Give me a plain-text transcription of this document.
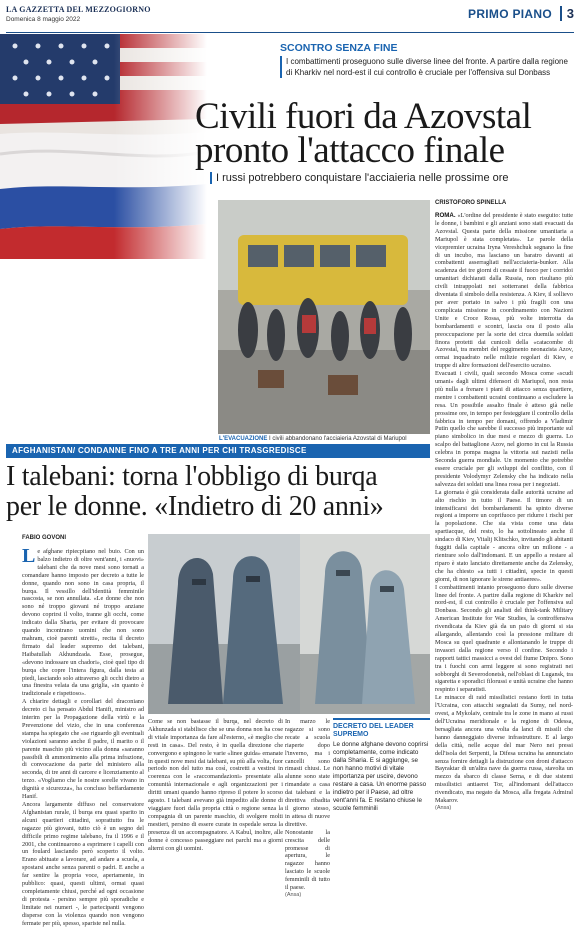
LA GAZZETTA DEL MEZZOGIORNO
Domenica 8 maggio 2022	PRIMO PIANO	3
SCONTRO SENZA FINE
I combattimenti proseguono sulle diverse linee del fronte. A partire dalla regione di Kharkiv nel nord-est il cui controllo è cruciale per l'offensiva sul Donbass
Civili fuori da Azovstal
pronto l'attacco finale
I russi potrebbero conquistare l'acciaieria nelle prossime ore
L'EVACUAZIONE I civili abbandonano l'acciaieria Azovstal di Mariupol
CRISTOFORO SPINELLA

ROMA. «L'ordine del presidente è stato eseguito: tutte le donne, i bambini e gli anziani sono stati evacuati da Azovstal. Questa parte della missione umanitaria a Mariupol è stata completata». Le parole della vicepremier ucraina Iryna Vereshchuk segnano la fine di un incubo, ma lasciano un baratro davanti ai combattenti asserragliati nell'acciaieria-bunker. Alla scadenza dei tre giorni di cessate il fuoco per i corridoi umanitari dichiarati dalla Russia, non risultano più civili intrappolati nei sotterranei della fabbrica diventata il simbolo della resistenza. A Kiev, il sollievo per aver portato in salvo i più fragili con una complicata missione in coordinamento con Nazioni Unite e Croce Rossa, più volte interrotta da bombardamenti e scontri, lascia ora il posto alla preoccupazione per la sorte dei circa duemila soldati finora protetti dai cunicoli della «catacombe di Azovstal, tra membri del reggimento neonazista Azov, ormai inquadrato nelle milizie regolari di Kiev, e truppe di altre formazioni dell'esercito ucraino.

Evacuati i civili, quali secondo Mosca come «scudi umani» dagli ultimi difensori di Mariupol, non resta più nulla a frenare i piani di attacco senza quartiere, mentre i combattenti ucraini continuano a escludere la resa. Un possibile assalto finale è atteso già nelle prossime ore, in tempo per festeggiare il controllo della fabbrica in tempo per domani, offrendo a Vladimir Putin quello che sarebbe il successo più importante sul piano simbolico in due mesi e mezzo di guerra. Lo scalpo del battaglione Azov, nel giorno in cui la Russia celebra in pompa magna la vittoria sui nazisti nella Seconda guerra mondiale. Un momento che potrebbe essere cruciale per gli sviluppi del conflitto, con il presidente Volodymyr Zelensky che ha indicato nella salvezza dei soldati una linea rossa per i negoziati.

La giornata è già considerata dalle autorità ucraine ad alto rischio in tutto il Paese. Il timore di un intensificarsi dei bombardamenti ha spinto diverse regioni a imporre un coprifuoco per ridurre i rischi per la popolazione. Che sia vista come una data spartiacque, del resto, lo ha sottolineato anche il sindaco di Kiev, Vitalij Klitschko, invitando gli abitanti fuggiti dalla capitale - ancora oltre un milione - a rientrare solo dall'indomani. E un appello a restare al riparo è stato lanciato direttamente anche da Zelensky, che ha chiesto «a tutti i cittadini, specie in questi giorni, di non ignorare le sirene antiaeree».

I combattimenti intanto proseguono duro sulle diverse linee del fronte. A partire dalla regione di Kharkiv nel nord-est, il cui controllo è cruciale per l'offensiva sul Donbass. Secondo gli analisti del think-tank Military American Institute for War Studies, la controffensiva rivendicata da Kiev già da un paio di giorni si sta allargando, allentando così la pressione militare di Mosca su quel quadrante e allontanando le truppe di invasori dalla regione verso il confine. Secondo i rapporti tattici massicci a ovest del fiume Dnipro. Sono tra i fuochi con armi leggere si sono registrati nei sobborghi di Severodonetsk, nell'oblast di Lugansk, tra sigaretta e sporadici filorussi e unità ucraine che hanno respinto i separatisti.

Le minacce di raid missilistici restano forti in tutta l'Ucraina, con attacchi segnalati da Sumy, nel nord-ovest, a Mykolaiv, centrale tra le zone in mano ai russi dell'Ucraina meridionale e la regione di Odessa, bersagliata ancora una volta da lanci di missili che hanno danneggiato diverse infrastrutture. E al largo della città, nelle acque del mar Nero nei pressi dell'isola dei Serpenti, la Difesa ucraina ha annunciato senza fornire dettagli la distruzione con droni d'attacco Bayraktar di un'altra nave da guerra russa, stavolta un mezzo da sbarco di classe Serna, e di due sistemi missilistici antiaerei Tor, all'indomani dell'attacco rivendicato, ma negato da Mosca, alla fregata Admiral Makarov.

(Ansa)

AFGHANISTAN/ CONDANNE FINO A TRE ANNI PER CHI TRASGREDISCE
I talebani: torna l'obbligo di burqa
per le donne. «Indietro di 20 anni»
FABIO GOVONI

Le afghane ripiecpitano nel buio. Con un balzo indietro di oltre vent'anni, i «nuovi» talebani che da nove mesi sono tornati a comandare hanno imposto per decreto a tutte le donne, quando non sono in casa propria, il burqa. Il vessillo dell'identità femminile nascosta, se non annullata. «Le donne che non sono né troppo giovani né troppo anziane devono coprirsi il volto, tranne gli occhi, come indicato dalla Sharia, per evitare di provocare quando incontrano uomini che non sono mahram, cioè parenti stretti», recita il decreto firmato dal leader supremo dei talebani, Haibatullah Akhundzada. Esse, prosegue, «devono indossare un chadori», cioè quel tipo di burqa che copre l'intera figura, dalla testa ai piedi, lasciando solo attraverso gli occhi dietro a una finestra velata da una griglia, «in quanto è tradizionale e rispettoso».

A chiarire dettagli e corollari del draconiano decreto ci ha pensato Abdul Hanifi, ministro ad interim per la Propagazione della virtù e la Prevenzione del vizio, che in una conferenza stampa ha spiegato che «se riguardo gli eventuali violazioni saranno anche il padre, il marito o il parente maschio più vicino alla donna «saranno passibili di ammonimento alla prima infrazione, di convocazione da parte del ministero alla seconda, di tre anni di carcere e licenziamento al terzo. «Vogliamo che le nostre sorelle vivano in dignità e sicurezza», ha concluso beffardamente Hanif.

Ancora largamente diffuso nel conservatore Afghanistan rurale, il burqa era quasi sparito in alcuni quartieri cittadini, soprattutto fra le ragazze più giovani, tutto ciò è un segno del difficile primo regime talebano, fra il 1996 e il 2001, che continuarono a esprimere i capelli con un foulard lasciando però scoperto il volto. Erano abituate a lavorare, ad andare a scuola, a spostarsi anche senza parenti o padri. E anche a far sentire la propria voce, apertamente, in pubblico: quasi, questi ultimi, ormai quasi completamente chiusi, perché ad ogni occasione di protesta - persino sempre più sporadiche e limitate nei numeri -, le partecipanti vengono disperse con la violenza quando non vengono fermate per più, spesso, spariste nel nulla.

Come se non bastasse il burqa, nel decreto di Akhunzada si stabilisce che se una donna non ha cose di vitale importanza da fare all'esterno, «è meglio che resti in casa». Del resto, è in quella direzione che convergono e spingono le varie «linee guida» emanate in questi nove mesi dai talebani, su più alla volta, fuor periodo non del tutto ma così, costretti a vestirsi in coerenza con le «raccomandazioni» presentate alla comunità internazionale e agli organizzazioni per i diritti umani quando hanno ripreso il potere lo scorso agosto. I talebani avevano già impedito alle donne di viaggiare fuori dalla propria città o regione senza la compagnia di un parente maschio, di svolgere molti mestieri, persino di essere curate in ospedale senza la presenza di un accompagnatore. A Kabul, inoltre, alle donne è concesso passeggiare nei parchi ma a giorni alterni con gli uomini.

In marzo le ragazze si sono recate a scuola riaperte dopo l'inverno, ma i cancelli sono rimasti chiusi. Le alunne sono state rimandate a casa dai talebani e la direttiva ribadita il giorno stesso, in attesa di nuove direttive. Nonostante la crescita delle promesse di apertura, le ragazze hanno lasciato le scuole femminili di tutto il paese.

(Ansa)

DECRETO DEL LEADER SUPREMO
Le donne afghane devono coprirsi completamente, come indicato dalla Sharia. E si aggiunge, se non hanno motivi di vitale importanza per uscire, devono restare a casa. Un enorme passo indietro per il Paese, ad oltre vent'anni fa. E restano chiuse le scuole femminili
